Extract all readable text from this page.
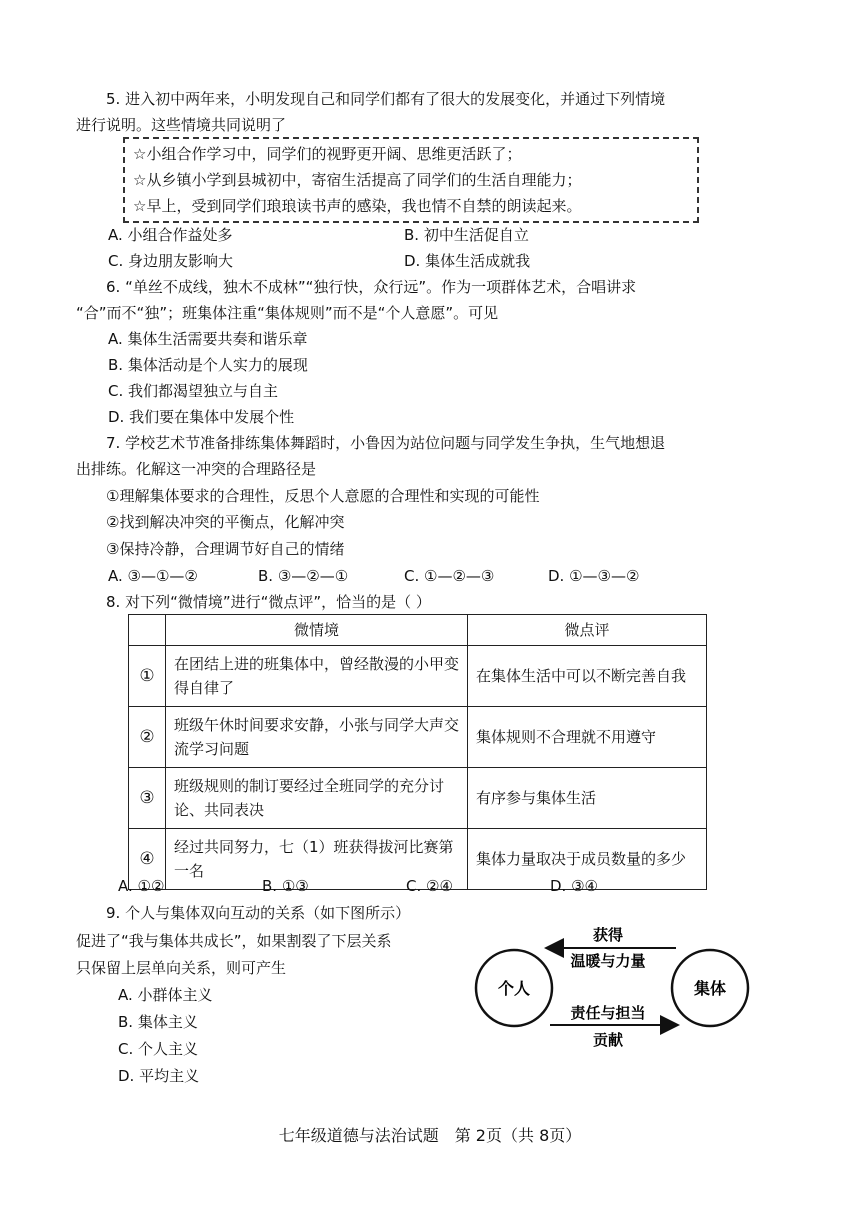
5. 进入初中两年来，小明发现自己和同学们都有了很大的发展变化，并通过下列情境
进行说明。这些情境共同说明了
☆小组合作学习中，同学们的视野更开阔、思维更活跃了；
☆从乡镇小学到县城初中，寄宿生活提高了同学们的生活自理能力；
☆早上，受到同学们琅琅读书声的感染，我也情不自禁的朗读起来。
A. 小组合作益处多	B. 初中生活促自立
C. 身边朋友影响大	D. 集体生活成就我
6. “单丝不成线，独木不成林”“独行快，众行远”。作为一项群体艺术，合唱讲求
“合”而不“独”；班集体注重“集体规则”而不是“个人意愿”。可见
A. 集体生活需要共奏和谐乐章
B. 集体活动是个人实力的展现
C. 我们都渴望独立与自主
D. 我们要在集体中发展个性
7. 学校艺术节准备排练集体舞蹈时，小鲁因为站位问题与同学发生争执，生气地想退
出排练。化解这一冲突的合理路径是
①理解集体要求的合理性，反思个人意愿的合理性和实现的可能性
②找到解决冲突的平衡点，化解冲突
③保持冷静，合理调节好自己的情绪
A. ③—①—②	B. ③—②—①	C. ①—②—③	D. ①—③—②
8. 对下列“微情境”进行“微点评”，恰当的是（ ）
	微情境	微点评
①	在团结上进的班集体中，曾经散漫的小甲变得自律了	在集体生活中可以不断完善自我
②	班级午休时间要求安静，小张与同学大声交流学习问题	集体规则不合理就不用遵守
③	班级规则的制订要经过全班同学的充分讨论、共同表决	有序参与集体生活
④	经过共同努力，七（1）班获得拔河比赛第一名	集体力量取决于成员数量的多少
A. ①②	B. ①③	C. ②④	D. ③④
9. 个人与集体双向互动的关系（如下图所示）
促进了“我与集体共成长”，如果割裂了下层关系
只保留上层单向关系，则可产生
A. 小群体主义
B. 集体主义
C. 个人主义
D. 平均主义
个人	集体
获得
温暖与力量
责任与担当
贡献
七年级道德与法治试题　第 2页（共 8页）
